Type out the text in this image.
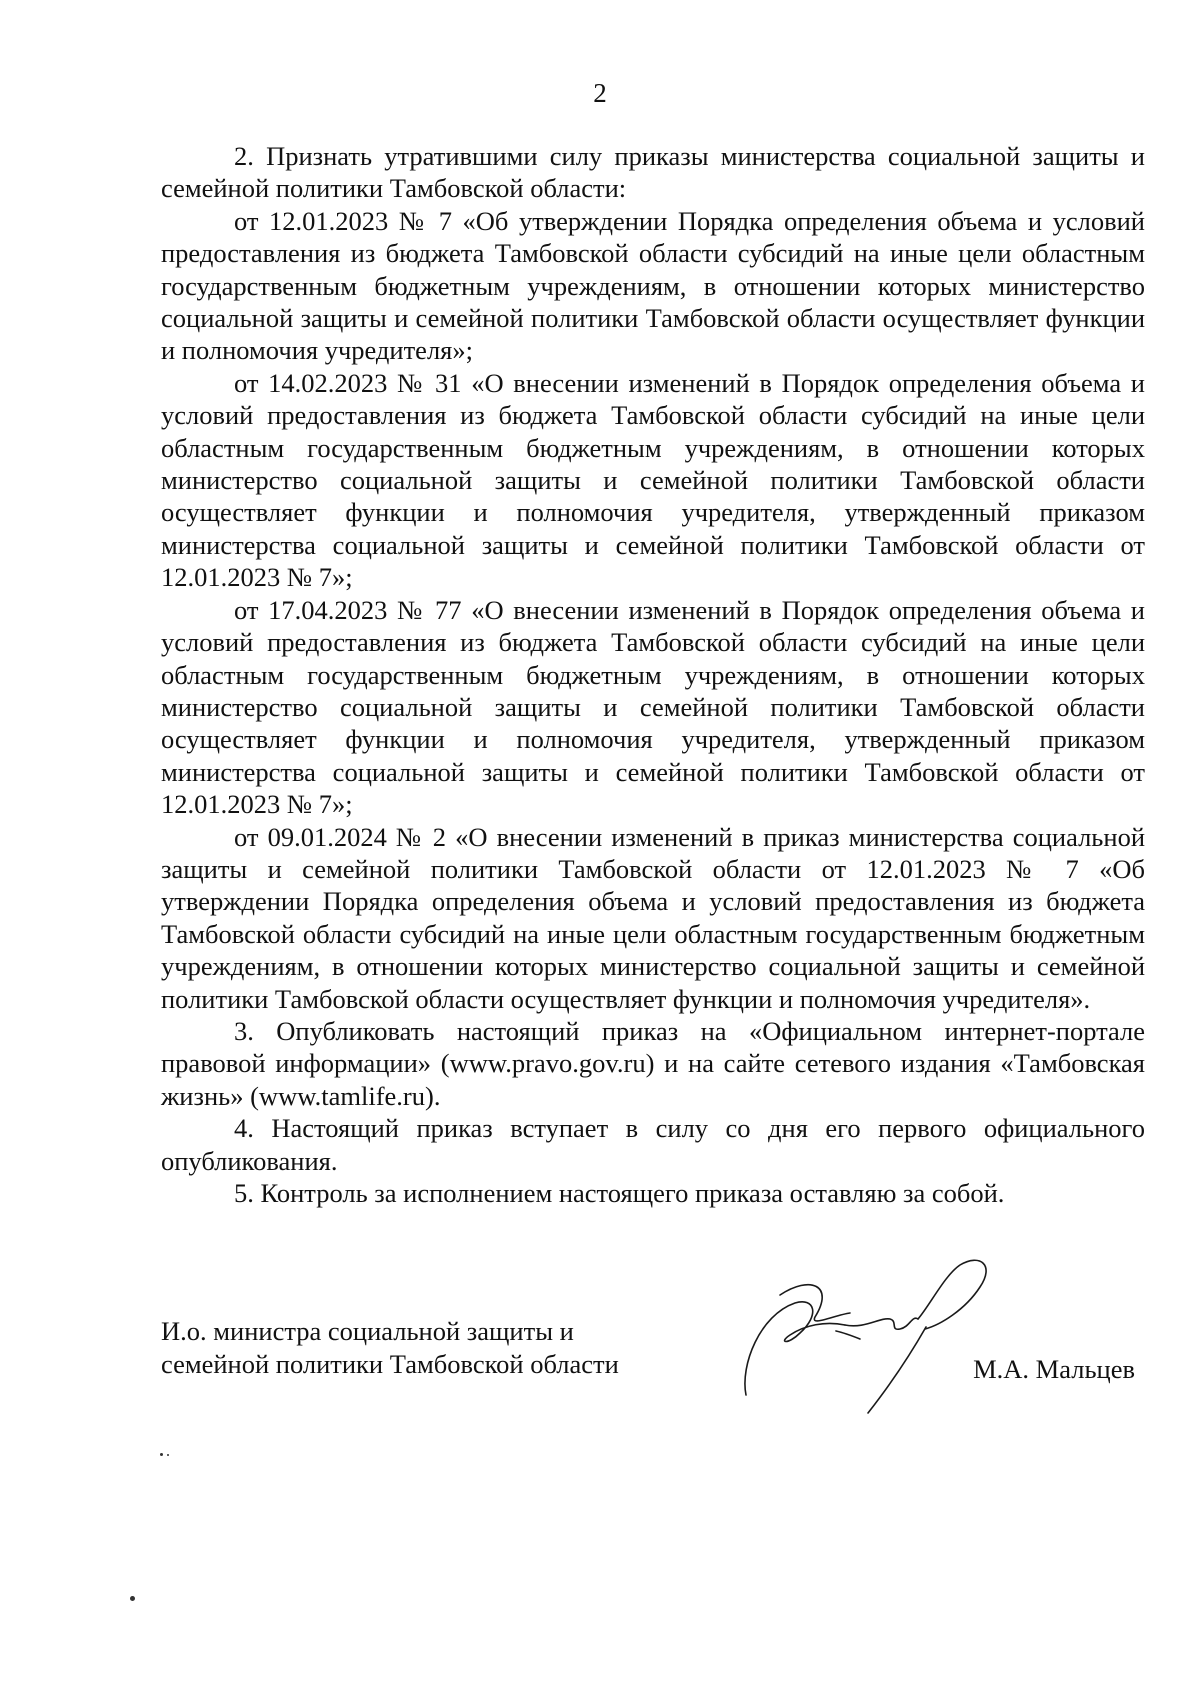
2

2. Признать утратившими силу приказы министерства социальной защиты и семейной политики Тамбовской области:

от 12.01.2023 № 7 «Об утверждении Порядка определения объема и условий предоставления из бюджета Тамбовской области субсидий на иные цели областным государственным бюджетным учреждениям, в отношении которых министерство социальной защиты и семейной политики Тамбовской области осуществляет функции и полномочия учредителя»;

от 14.02.2023 № 31 «О внесении изменений в Порядок определения объема и условий предоставления из бюджета Тамбовской области субсидий на иные цели областным государственным бюджетным учреждениям, в отношении которых министерство социальной защиты и семейной политики Тамбовской области осуществляет функции и полномочия учредителя, утвержденный приказом министерства социальной защиты и семейной политики Тамбовской области от 12.01.2023 № 7»;

от 17.04.2023 № 77 «О внесении изменений в Порядок определения объема и условий предоставления из бюджета Тамбовской области субсидий на иные цели областным государственным бюджетным учреждениям, в отношении которых министерство социальной защиты и семейной политики Тамбовской области осуществляет функции и полномочия учредителя, утвержденный приказом министерства социальной защиты и семейной политики Тамбовской области от 12.01.2023 № 7»;

от 09.01.2024 № 2 «О внесении изменений в приказ министерства социальной защиты и семейной политики Тамбовской области от 12.01.2023 № 7 «Об утверждении Порядка определения объема и условий предоставления из бюджета Тамбовской области субсидий на иные цели областным государственным бюджетным учреждениям, в отношении которых министерство социальной защиты и семейной политики Тамбовской области осуществляет функции и полномочия учредителя».

3. Опубликовать настоящий приказ на «Официальном интернет-портале правовой информации» (www.pravo.gov.ru) и на сайте сетевого издания «Тамбовская жизнь» (www.tamlife.ru).

4. Настоящий приказ вступает в силу со дня его первого официального опубликования.

5. Контроль за исполнением настоящего приказа оставляю за собой.

И.о. министра социальной защиты и
семейной политики Тамбовской области	М.А. Мальцев
